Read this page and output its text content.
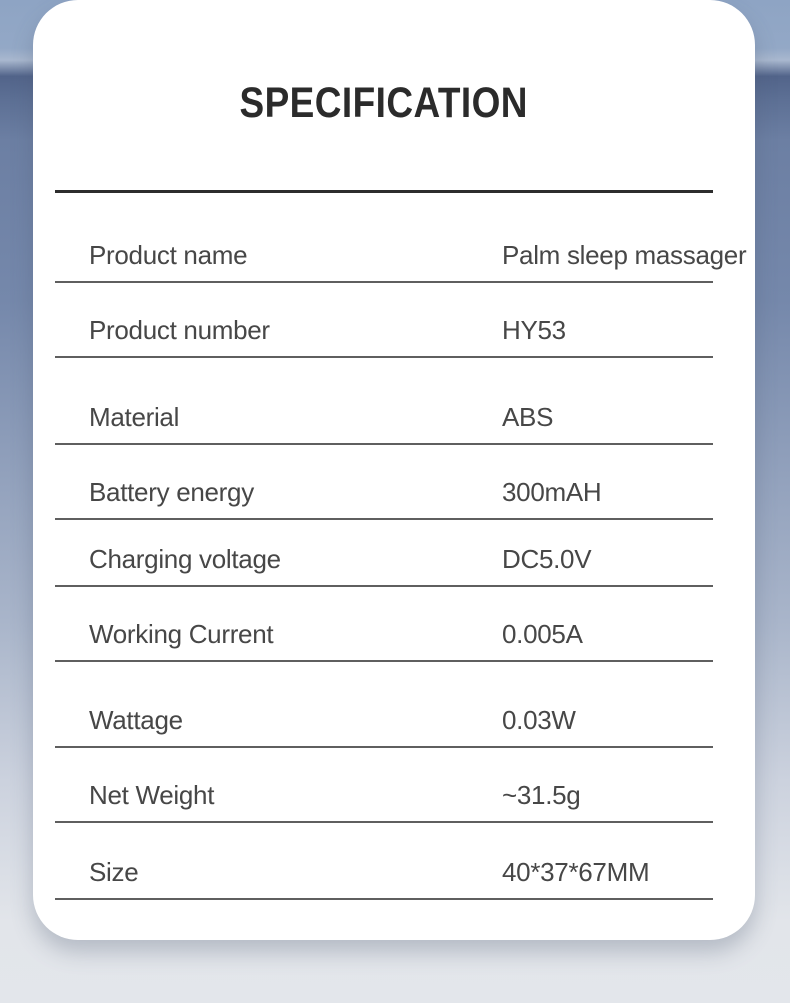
SPECIFICATION
Product name	Palm sleep massager
Product number	HY53
Material	ABS
Battery energy	300mAH
Charging voltage	DC5.0V
Working Current	0.005A
Wattage	0.03W
Net Weight	~31.5g
Size	40*37*67MM
